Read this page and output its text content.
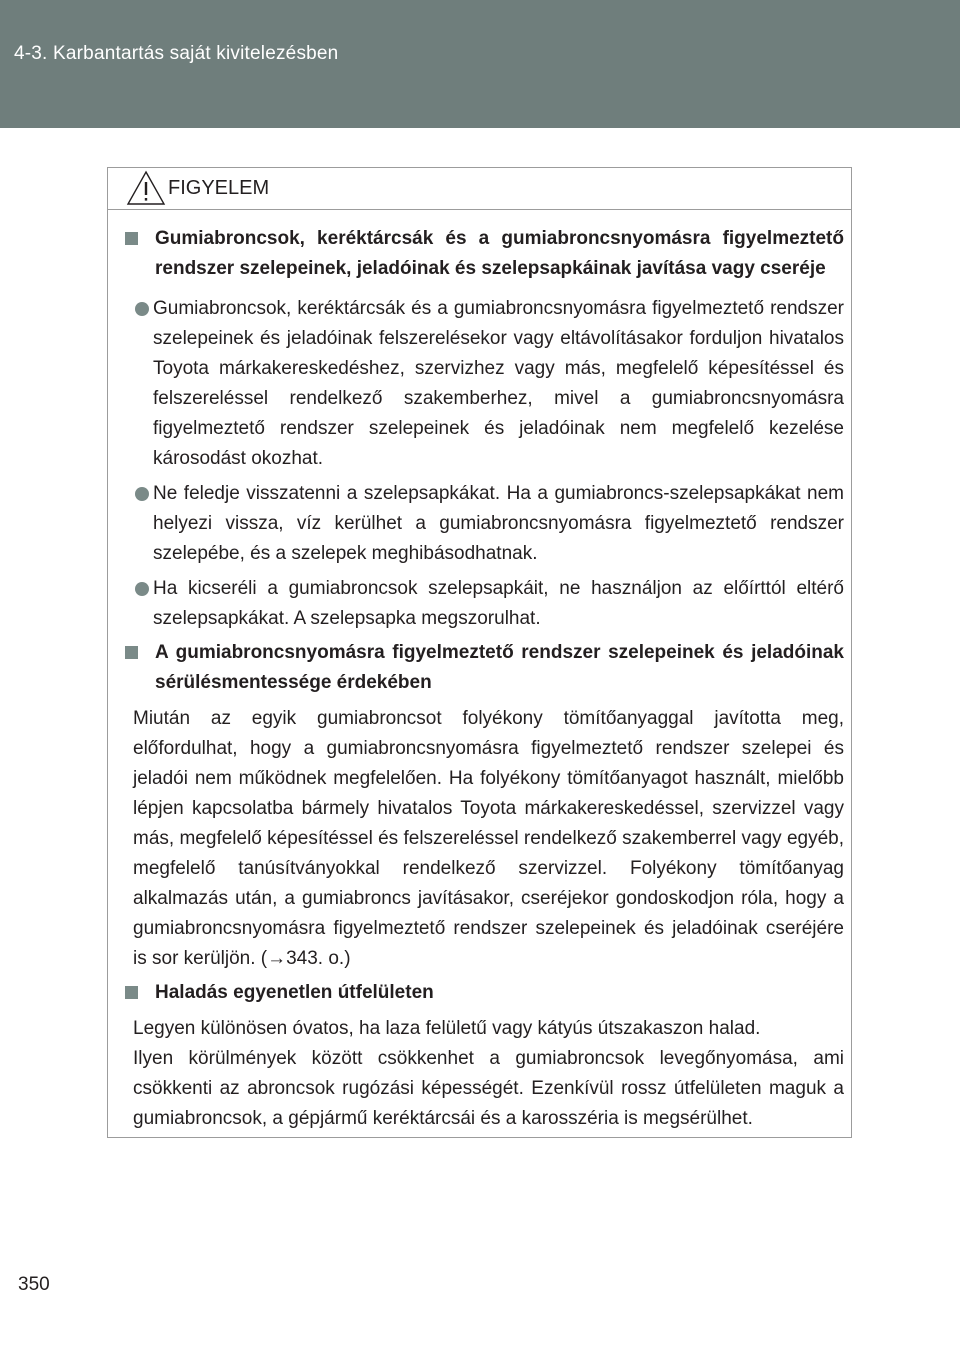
4-3. Karbantartás saját kivitelezésben
FIGYELEM
Gumiabroncsok, keréktárcsák és a gumiabroncsnyomásra figyelmeztető rendszer szelepeinek, jeladóinak és szelepsapkáinak javítása vagy cseréje
Gumiabroncsok, keréktárcsák és a gumiabroncsnyomásra figyelmeztető rendszer szelepeinek és jeladóinak felszerelésekor vagy eltávolításakor forduljon hivatalos Toyota márkakereskedéshez, szervizhez vagy más, megfelelő képesítéssel és felszereléssel rendelkező szakemberhez, mivel a gumiabroncsnyomásra figyelmeztető rendszer szelepeinek és jeladóinak nem megfelelő kezelése károsodást okozhat.
Ne feledje visszatenni a szelepsapkákat. Ha a gumiabroncs-szelepsapkákat nem helyezi vissza, víz kerülhet a gumiabroncsnyomásra figyelmeztető rendszer szelepébe, és a szelepek meghibásodhatnak.
Ha kicseréli a gumiabroncsok szelepsapkáit, ne használjon az előírttól eltérő szelepsapkákat. A szelepsapka megszorulhat.
A gumiabroncsnyomásra figyelmeztető rendszer szelepeinek és jeladóinak sérülésmentessége érdekében
Miután az egyik gumiabroncsot folyékony tömítőanyaggal javította meg, előfordulhat, hogy a gumiabroncsnyomásra figyelmeztető rendszer szelepei és jeladói nem működnek megfelelően. Ha folyékony tömítőanyagot használt, mielőbb lépjen kapcsolatba bármely hivatalos Toyota márkakereskedéssel, szervizzel vagy más, megfelelő képesítéssel és felszereléssel rendelkező szakemberrel vagy egyéb, megfelelő tanúsítványokkal rendelkező szervizzel. Folyékony tömítőanyag alkalmazás után, a gumiabroncs javításakor, cseréjekor gondoskodjon róla, hogy a gumiabroncsnyomásra figyelmeztető rendszer szelepeinek és jeladóinak cseréjére is sor kerüljön. (→343. o.)
Haladás egyenetlen útfelületen
Legyen különösen óvatos, ha laza felületű vagy kátyús útszakaszon halad.
Ilyen körülmények között csökkenhet a gumiabroncsok levegőnyomása, ami csökkenti az abroncsok rugózási képességét. Ezenkívül rossz útfelületen maguk a gumiabroncsok, a gépjármű keréktárcsái és a karosszéria is megsérülhet.
350
